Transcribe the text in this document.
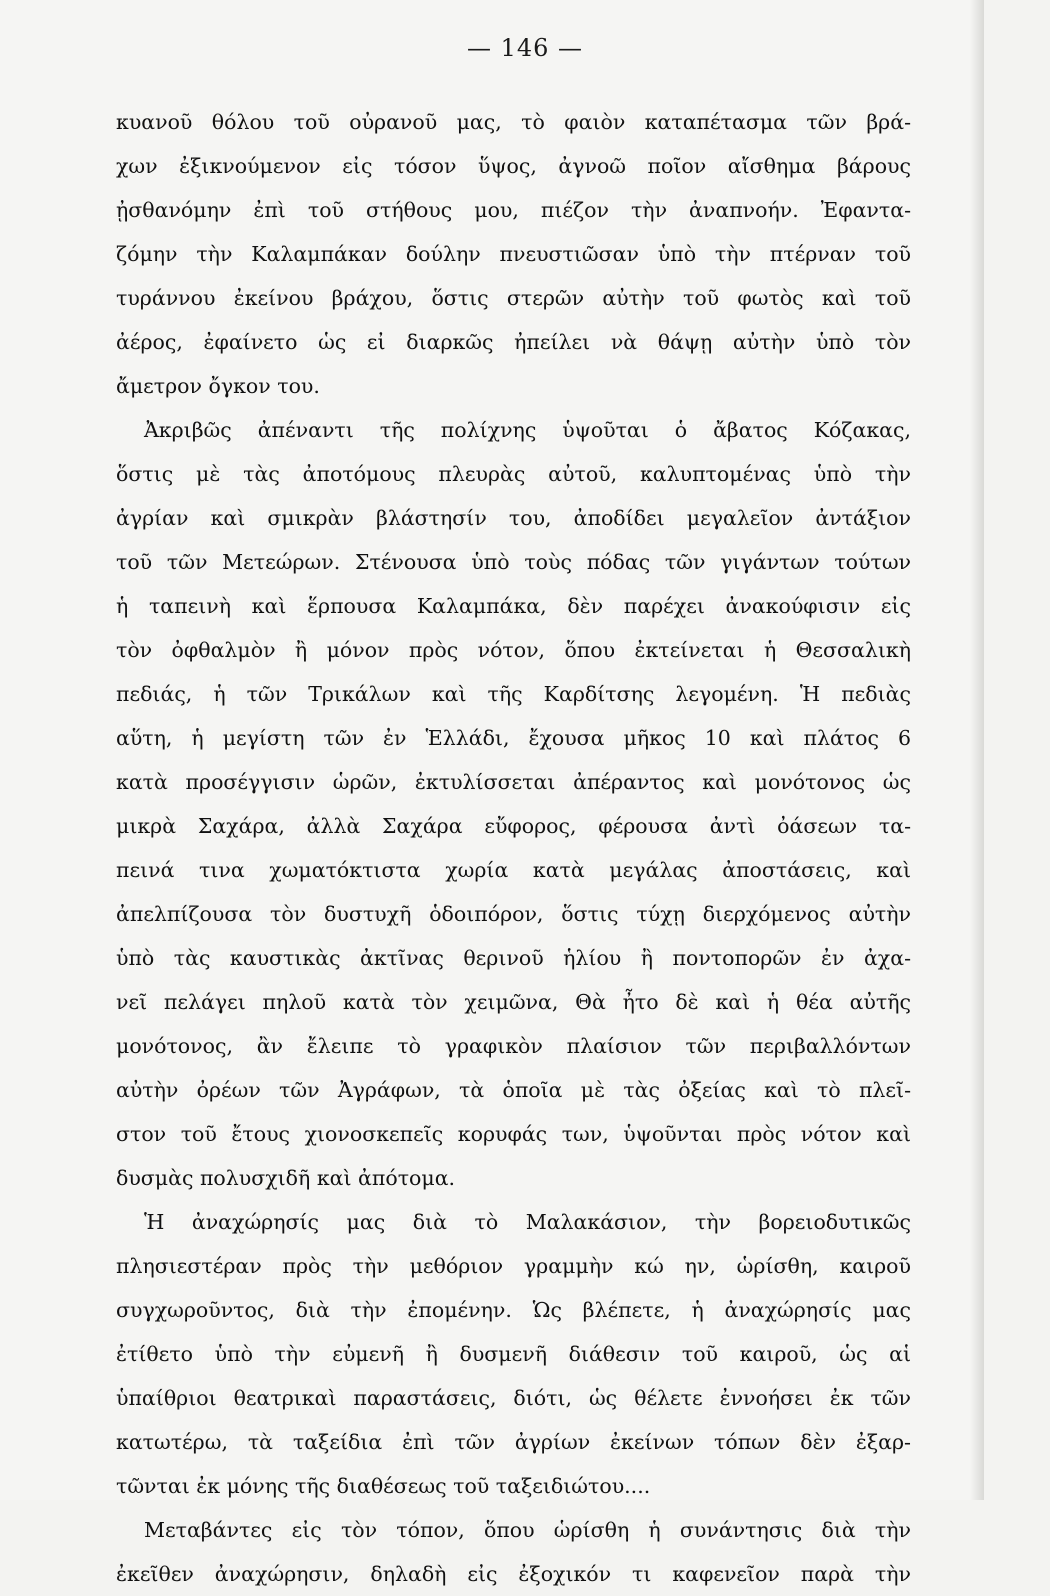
— 146 —
κυανοῦ θόλου τοῦ οὐρανοῦ μας, τὸ φαιὸν καταπέτασμα τῶν βρά-
χων ἐξικνούμενον εἰς τόσον ὕψος, ἀγνοῶ ποῖον αἴσθημα βάρους
ᾐσθανόμην ἐπὶ τοῦ στήθους μου, πιέζον τὴν ἀναπνοήν. Ἐφαντα-
ζόμην τὴν Καλαμπάκαν δούλην πνευστιῶσαν ὑπὸ τὴν πτέρναν τοῦ
τυράννου ἐκείνου βράχου, ὅστις στερῶν αὐτὴν τοῦ φωτὸς καὶ τοῦ
ἀέρος, ἐφαίνετο ὡς εἰ διαρκῶς ἠπείλει νὰ θάψῃ αὐτὴν ὑπὸ τὸν
ἄμετρον ὄγκον του.
Ἀκριβῶς ἀπέναντι τῆς πολίχνης ὑψοῦται ὁ ἄβατος Κόζακας,
ὅστις μὲ τὰς ἀποτόμους πλευρὰς αὐτοῦ, καλυπτομένας ὑπὸ τὴν
ἀγρίαν καὶ σμικρὰν βλάστησίν του, ἀποδίδει μεγαλεῖον ἀντάξιον
τοῦ τῶν Μετεώρων. Στένουσα ὑπὸ τοὺς πόδας τῶν γιγάντων τούτων
ἡ ταπεινὴ καὶ ἕρπουσα Καλαμπάκα, δὲν παρέχει ἀνακούφισιν εἰς
τὸν ὀφθαλμὸν ἢ μόνον πρὸς νότον, ὅπου ἐκτείνεται ἡ Θεσσαλικὴ
πεδιάς, ἡ τῶν Τρικάλων καὶ τῆς Καρδίτσης λεγομένη. Ἡ πεδιὰς
αὕτη, ἡ μεγίστη τῶν ἐν Ἑλλάδι, ἔχουσα μῆκος 10 καὶ πλάτος 6
κατὰ προσέγγισιν ὡρῶν, ἐκτυλίσσεται ἀπέραντος καὶ μονότονος ὡς
μικρὰ Σαχάρα, ἀλλὰ Σαχάρα εὔφορος, φέρουσα ἀντὶ ὀάσεων τα-
πεινά τινα χωματόκτιστα χωρία κατὰ μεγάλας ἀποστάσεις, καὶ
ἀπελπίζουσα τὸν δυστυχῆ ὁδοιπόρον, ὅστις τύχῃ διερχόμενος αὐτὴν
ὑπὸ τὰς καυστικὰς ἀκτῖνας θερινοῦ ἡλίου ἢ ποντοπορῶν ἐν ἀχα-
νεῖ πελάγει πηλοῦ κατὰ τὸν χειμῶνα, Θὰ ἦτο δὲ καὶ ἡ θέα αὐτῆς
μονότονος, ἂν ἔλειπε τὸ γραφικὸν πλαίσιον τῶν περιβαλλόντων
αὐτὴν ὀρέων τῶν Ἀγράφων, τὰ ὁποῖα μὲ τὰς ὀξείας καὶ τὸ πλεῖ-
στον τοῦ ἔτους χιονοσκεπεῖς κορυφάς των, ὑψοῦνται πρὸς νότον καὶ
δυσμὰς πολυσχιδῆ καὶ ἀπότομα.
Ἡ ἀναχώρησίς μας διὰ τὸ Μαλακάσιον, τὴν βορειοδυτικῶς
πλησιεστέραν πρὸς τὴν μεθόριον γραμμὴν κώ ην, ὡρίσθη, καιροῦ
συγχωροῦντος, διὰ τὴν ἐπομένην. Ὡς βλέπετε, ἡ ἀναχώρησίς μας
ἐτίθετο ὑπὸ τὴν εὐμενῆ ἢ δυσμενῆ διάθεσιν τοῦ καιροῦ, ὡς αἱ
ὑπαίθριοι θεατρικαὶ παραστάσεις, διότι, ὡς θέλετε ἐννοήσει ἐκ τῶν
κατωτέρω, τὰ ταξείδια ἐπὶ τῶν ἀγρίων ἐκείνων τόπων δὲν ἐξαρ-
τῶνται ἐκ μόνης τῆς διαθέσεως τοῦ ταξειδιώτου....
Μεταβάντες εἰς τὸν τόπον, ὅπου ὡρίσθη ἡ συνάντησις διὰ τὴν
ἐκεῖθεν ἀναχώρησιν, δηλαδὴ εἰς ἐξοχικόν τι καφενεῖον παρὰ τὴν
